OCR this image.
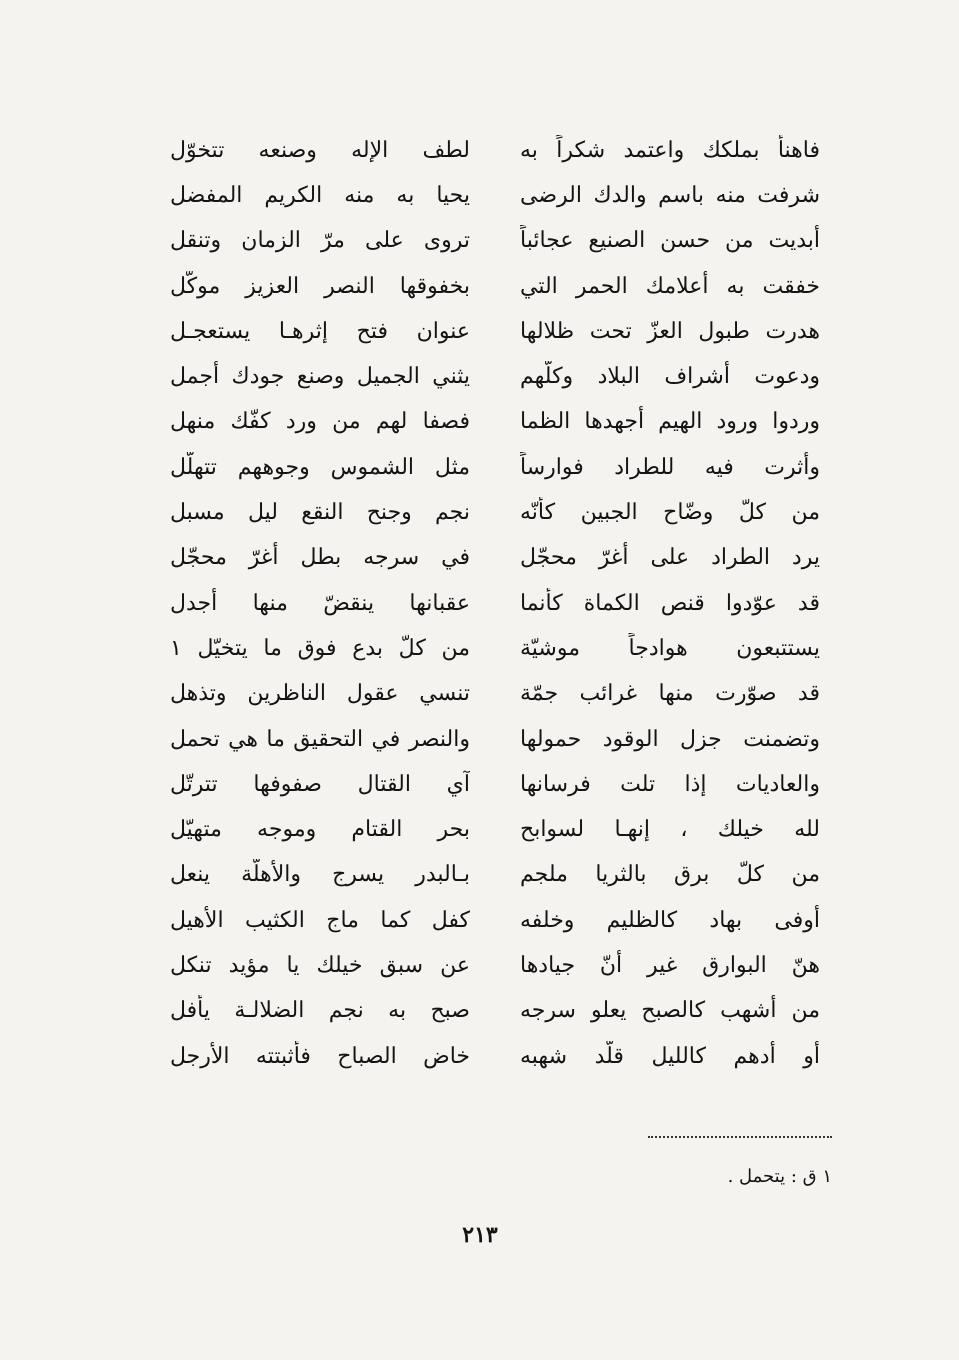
فاهنأ بملكك واعتمد شكراً به
لطف الإله وصنعه تتخوّل
شرفت منه باسم والدك الرضى
يحيا به منه الكريم المفضل
أبديت من حسن الصنيع عجائباً
تروى على مرّ الزمان وتنقل
خفقت به أعلامك الحمر التي
بخفوقها النصر العزيز موكّل
هدرت طبول العزّ تحت ظلالها
عنوان فتح إثرهـا يستعجـل
ودعوت أشراف البلاد وكلّهم
يثني الجميل وصنع جودك أجمل
وردوا ورود الهيم أجهدها الظما
فصفا لهم من ورد كفّك منهل
وأثرت فيه للطراد فوارساً
مثل الشموس وجوههم تتهلّل
من كلّ وضّاح الجبين كأنّه
نجم وجنح النقع ليل مسبل
يرد الطراد على أغرّ محجّل
في سرجه بطل أغرّ محجّل
قد عوّدوا قنص الكماة كأنما
عقبانها ينقضّ منها أجدل
يستتبعون هوادجاً موشيّة
من كلّ بدع فوق ما يتخيّل ١
قد صوّرت منها غرائب جمّة
تنسي عقول الناظرين وتذهل
وتضمنت جزل الوقود حمولها
والنصر في التحقيق ما هي تحمل
والعاديات إذا تلت فرسانها
آي القتال صفوفها تترتّل
لله خيلك ، إنهـا لسوابح
بحر القتام وموجه متهيّل
من كلّ برق بالثريا ملجم
بـالبدر يسرج والأهلّة ينعل
أوفى بهاد كالظليم وخلفه
كفل كما ماج الكثيب الأهيل
هنّ البوارق غير أنّ جيادها
عن سبق خيلك يا مؤيد تنكل
من أشهب كالصبح يعلو سرجه
صبح به نجم الضلالـة يأفل
أو أدهم كالليل قلّد شهبه
خاض الصباح فأثبتته الأرجل
١ ق : يتحمل .
٢١٣
